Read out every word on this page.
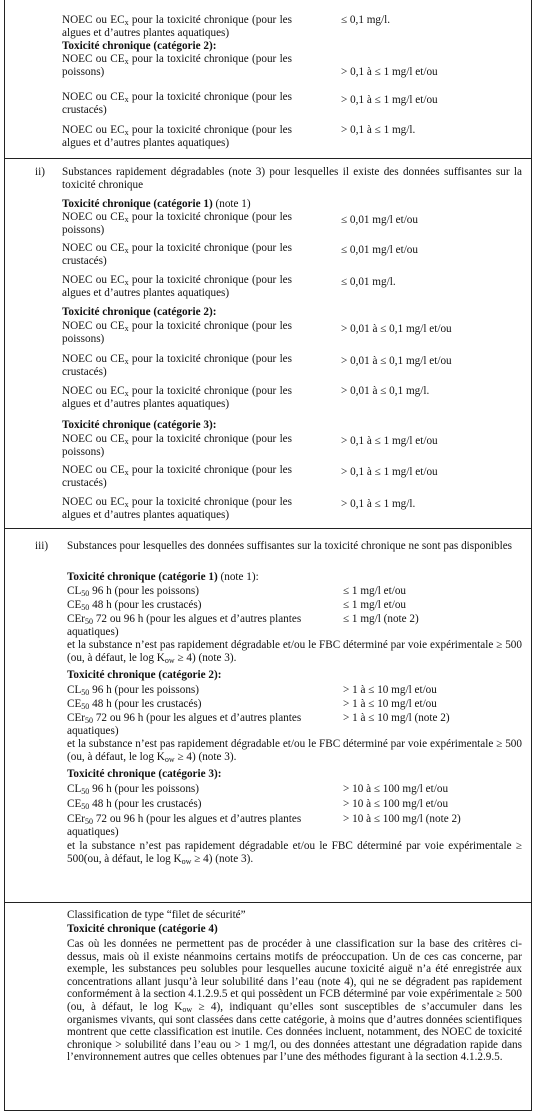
NOEC ou $EC_x$ pour la toxicité chronique (pour les algues et d’autres plantes aquatiques)
≤ 0,1 mg/l.
Toxicité chronique (catégorie 2):
NOEC ou $CE_x$ pour la toxicité chronique (pour les poissons)	> 0,1 à ≤ 1 mg/l et/ou
NOEC ou $CE_x$ pour la toxicité chronique (pour les crustacés)
> 0,1 à ≤ 1 mg/l et/ou
NOEC ou $EC_x$ pour la toxicité chronique (pour les algues et d’autres plantes aquatiques)
> 0,1 à ≤ 1 mg/l.
ii) Substances rapidement dégradables (note 3) pour lesquelles il existe des données suffisantes sur la toxicité chronique
Toxicité chronique (catégorie 1) (note 1)
NOEC ou $CE_x$ pour la toxicité chronique (pour les poissons)
≤ 0,01 mg/l et/ou
NOEC ou $CE_x$ pour la toxicité chronique (pour les crustacés)
≤ 0,01 mg/l et/ou
NOEC ou $EC_x$ pour la toxicité chronique (pour les algues et d’autres plantes aquatiques)
≤ 0,01 mg/l.
Toxicité chronique (catégorie 2):
NOEC ou $CE_x$ pour la toxicité chronique (pour les poissons)
> 0,01 à ≤ 0,1 mg/l et/ou
NOEC ou $CE_x$ pour la toxicité chronique (pour les crustacés)
> 0,01 à ≤ 0,1 mg/l et/ou
NOEC ou $EC_x$ pour la toxicité chronique (pour les algues et d’autres plantes aquatiques)
> 0,01 à ≤ 0,1 mg/l.
Toxicité chronique (catégorie 3):
NOEC ou $CE_x$ pour la toxicité chronique (pour les poissons)
> 0,1 à ≤ 1 mg/l et/ou
NOEC ou $CE_x$ pour la toxicité chronique (pour les crustacés)
> 0,1 à ≤ 1 mg/l et/ou
NOEC ou $EC_x$ pour la toxicité chronique (pour les algues et d’autres plantes aquatiques)
> 0,1 à ≤ 1 mg/l.
iii) Substances pour lesquelles des données suffisantes sur la toxicité chronique ne sont pas disponibles
Toxicité chronique (catégorie 1) (note 1):
$CL_{50}$ 96 h (pour les poissons)	≤ 1 mg/l et/ou
$CE_{50}$ 48 h (pour les crustacés)	≤ 1 mg/l et/ou
CEr$_{50}$ 72 ou 96 h (pour les algues et d’autres plantes aquatiques)
≤ 1 mg/l (note 2)
et la substance n’est pas rapidement dégradable et/ou le FBC déterminé par voie expérimentale ≥ 500 (ou, à défaut, le $\log K_{ow} \ge 4$) (note 3).
Toxicité chronique (catégorie 2):
$CL_{50}$ 96 h (pour les poissons)	> 1 à ≤ 10 mg/l et/ou
$CE_{50}$ 48 h (pour les crustacés)	> 1 à ≤ 10 mg/l et/ou
CEr$_{50}$ 72 ou 96 h (pour les algues et d’autres plantes aquatiques)
> 1 à ≤ 10 mg/l (note 2)
et la substance n’est pas rapidement dégradable et/ou le FBC déterminé par voie expérimentale ≥ 500 (ou, à défaut, le $\log K_{ow} \ge 4$) (note 3).
Toxicité chronique (catégorie 3):
$CL_{50}$ 96 h (pour les poissons)	> 10 à ≤ 100 mg/l et/ou
$CE_{50}$ 48 h (pour les crustacés)	> 10 à ≤ 100 mg/l et/ou
CEr$_{50}$ 72 ou 96 h (pour les algues et d’autres plantes aquatiques)
> 10 à ≤ 100 mg/l (note 2)
et la substance n’est pas rapidement dégradable et/ou le FBC déterminé par voie expérimentale ≥ 500(ou, à défaut, le $\log K_{ow} \ge 4$) (note 3).
Classification de type “filet de sécurité”
Toxicité chronique (catégorie 4)
Cas où les données ne permettent pas de procéder à une classification sur la base des critères ci-dessus, mais où il existe néanmoins certains motifs de préoccupation. Un de ces cas concerne, par exemple, les substances peu solubles pour lesquelles aucune toxicité aiguë n’a été enregistrée aux concentrations allant jusqu’à leur solubilité dans l’eau (note 4), qui ne se dégradent pas rapidement conformément à la section 4.1.2.9.5 et qui possèdent un FCB déterminé par voie expérimentale ≥ 500 (ou, à défaut, le $\log K_{ow} \ge 4$), indiquant qu’elles sont susceptibles de s’accumuler dans les organismes vivants, qui sont classées dans cette catégorie, à moins que d’autres données scientifiques montrent que cette classification est inutile. Ces données incluent, notamment, des NOEC de toxicité chronique > solubilité dans l’eau ou > 1 mg/l, ou des données attestant une dégradation rapide dans l’environnement autres que celles obtenues par l’une des méthodes figurant à la section 4.1.2.9.5.
